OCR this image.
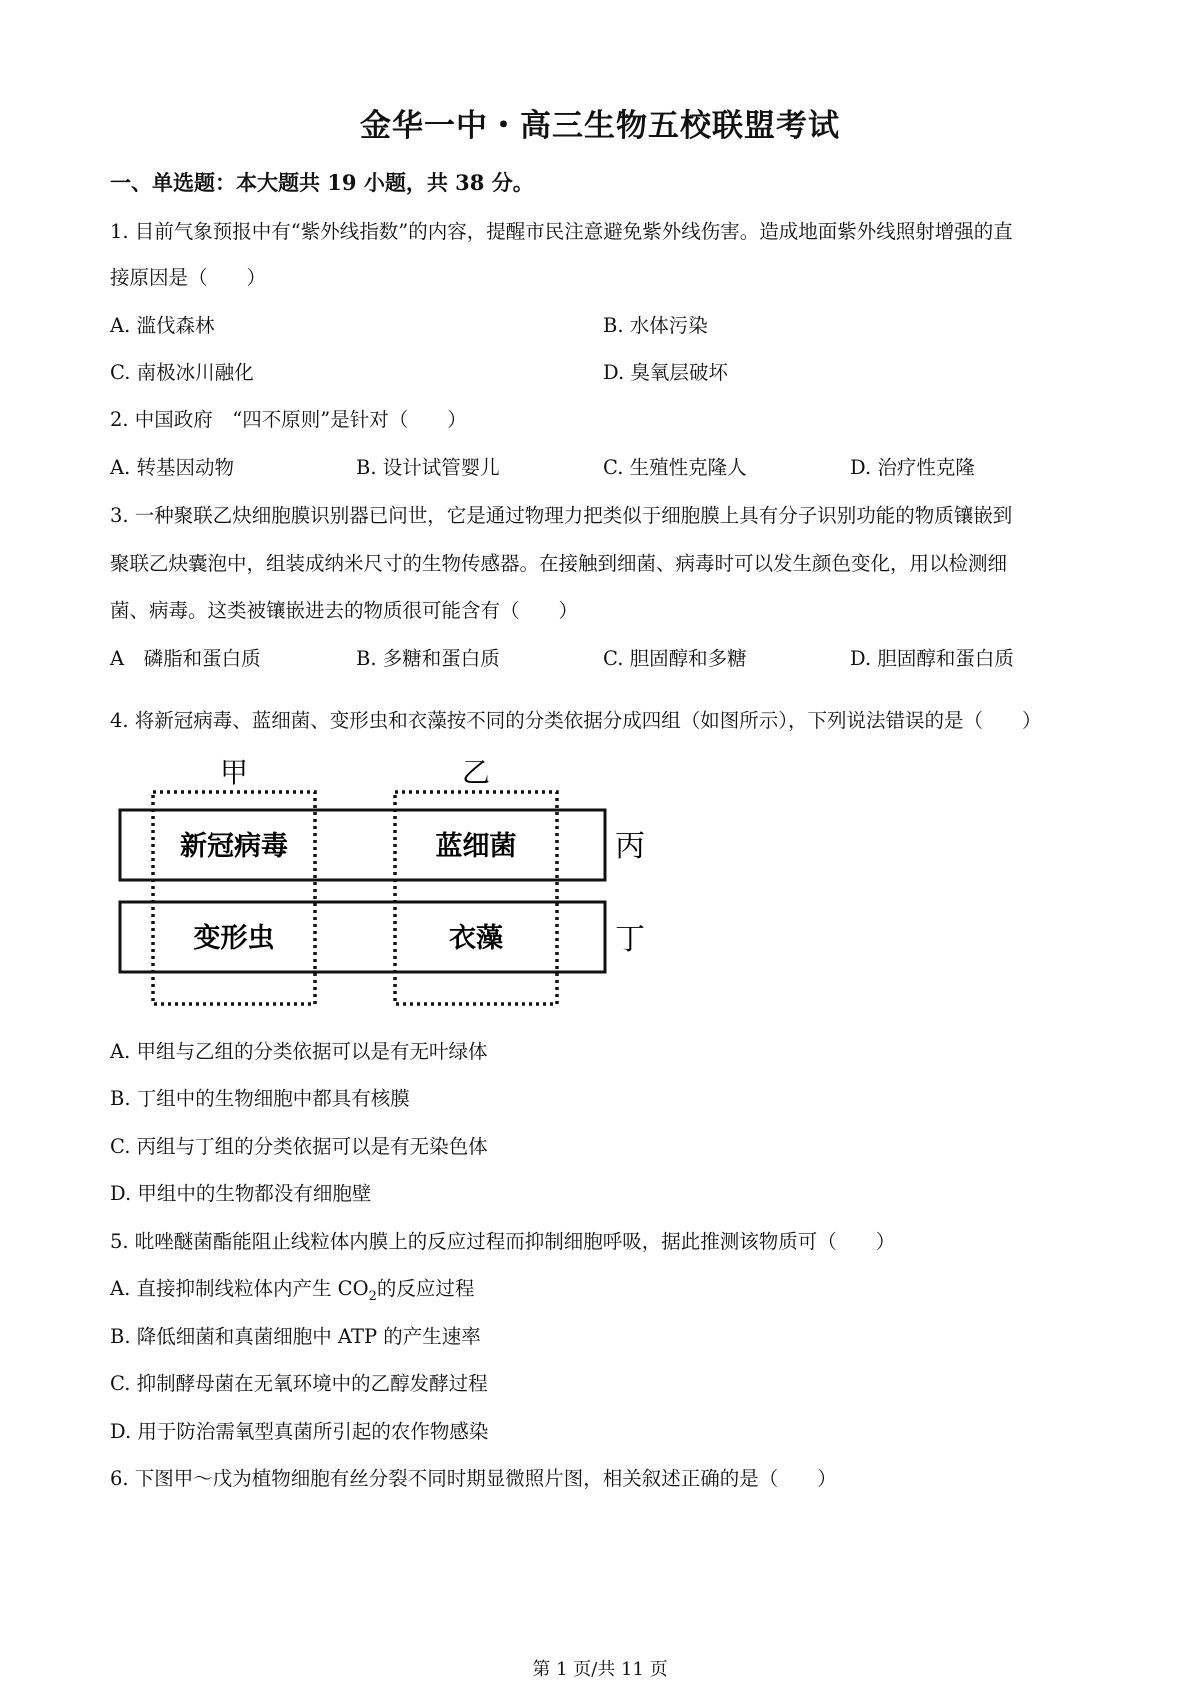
金华一中・高三生物五校联盟考试
一、单选题：本大题共 19 小题，共 38 分。
1. 目前气象预报中有“紫外线指数”的内容，提醒市民注意避免紫外线伤害。造成地面紫外线照射增强的直
接原因是（　　）
A. 滥伐森林	B. 水体污染
C. 南极冰川融化	D. 臭氧层破坏
2. 中国政府　“四不原则”是针对（　　）
A. 转基因动物	B. 设计试管婴儿	C. 生殖性克隆人	D. 治疗性克隆
3. 一种聚联乙炔细胞膜识别器已问世，它是通过物理力把类似于细胞膜上具有分子识别功能的物质镶嵌到
聚联乙炔囊泡中，组装成纳米尺寸的生物传感器。在接触到细菌、病毒时可以发生颜色变化，用以检测细
菌、病毒。这类被镶嵌进去的物质很可能含有（　　）
A　磷脂和蛋白质	B. 多糖和蛋白质	C. 胆固醇和多糖	D. 胆固醇和蛋白质
4. 将新冠病毒、蓝细菌、变形虫和衣藻按不同的分类依据分成四组（如图所示），下列说法错误的是（　　）
甲	乙
丙
丁
新冠病毒	蓝细菌
变形虫	衣藻
A. 甲组与乙组的分类依据可以是有无叶绿体
B. 丁组中的生物细胞中都具有核膜
C. 丙组与丁组的分类依据可以是有无染色体
D. 甲组中的生物都没有细胞壁
5. 吡唑醚菌酯能阻止线粒体内膜上的反应过程而抑制细胞呼吸，据此推测该物质可（　　）
A. 直接抑制线粒体内产生 $CO_2$的反应过程
B. 降低细菌和真菌细胞中 ATP 的产生速率
C. 抑制酵母菌在无氧环境中的乙醇发酵过程
D. 用于防治需氧型真菌所引起的农作物感染
6. 下图甲～戊为植物细胞有丝分裂不同时期显微照片图，相关叙述正确的是（　　）
第 1 页/共 11 页
